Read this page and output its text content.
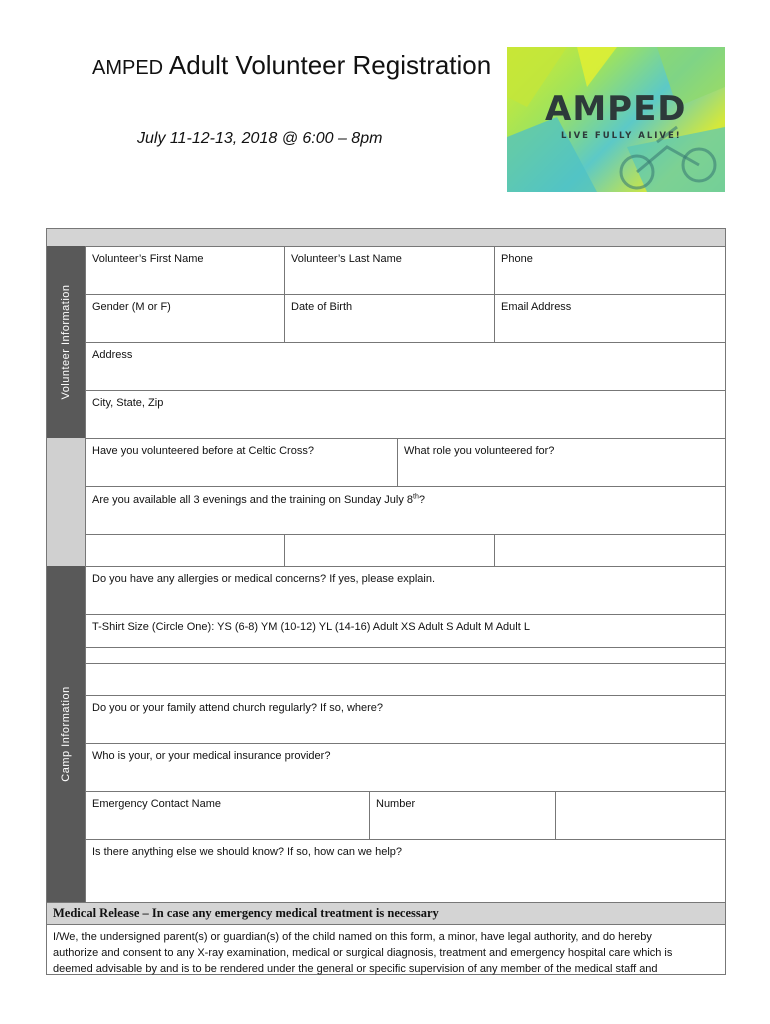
AMPED Adult Volunteer Registration
July 11-12-13, 2018 @ 6:00 – 8pm
AMPED
LIVE FULLY ALIVE!
Volunteer Information
Camp Information
Volunteer’s First Name	Volunteer’s Last Name	Phone
Gender (M or F)	Date of Birth	Email Address
Address
City, State, Zip
Have you volunteered before at Celtic Cross?	What role you volunteered for?
Are you available all 3 evenings and the training on Sunday July 8th?
Do you have any allergies or medical concerns? If yes, please explain.
T-Shirt Size (Circle One): YS (6-8) YM (10-12) YL (14-16) Adult XS Adult S Adult M Adult L
Do you or your family attend church regularly? If so, where?
Who is your, or your medical insurance provider?
Emergency Contact Name	Number
Is there anything else we should know? If so, how can we help?
Medical Release – In case any emergency medical treatment is necessary
I/We, the undersigned parent(s) or guardian(s) of the child named on this form, a minor, have legal authority, and do hereby
authorize and consent to any X-ray examination, medical or surgical diagnosis, treatment and emergency hospital care which is
deemed advisable by and is to be rendered under the general or specific supervision of any member of the medical staff and
